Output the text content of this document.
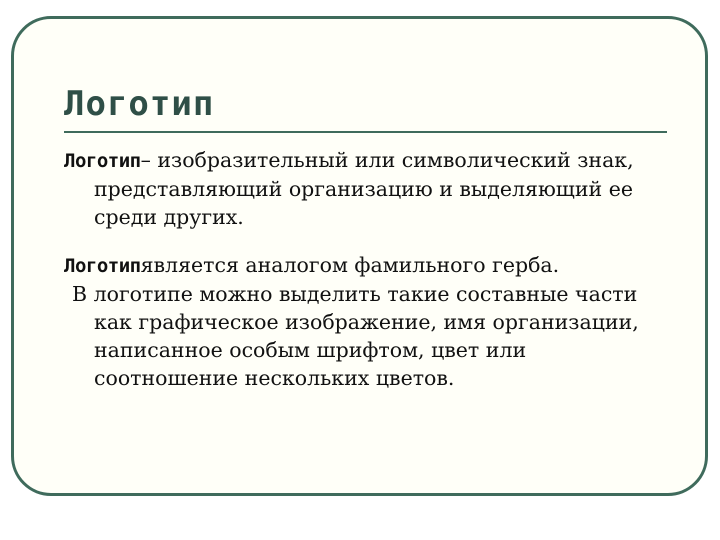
Логотип

Логотип– изобразительный или символический знак, представляющий организацию и выделяющий ее среди других.

Логотипявляется аналогом фамильного герба.

В логотипе можно выделить такие составные части как графическое изображение, имя организации, написанное особым шрифтом, цвет или соотношение нескольких цветов.
